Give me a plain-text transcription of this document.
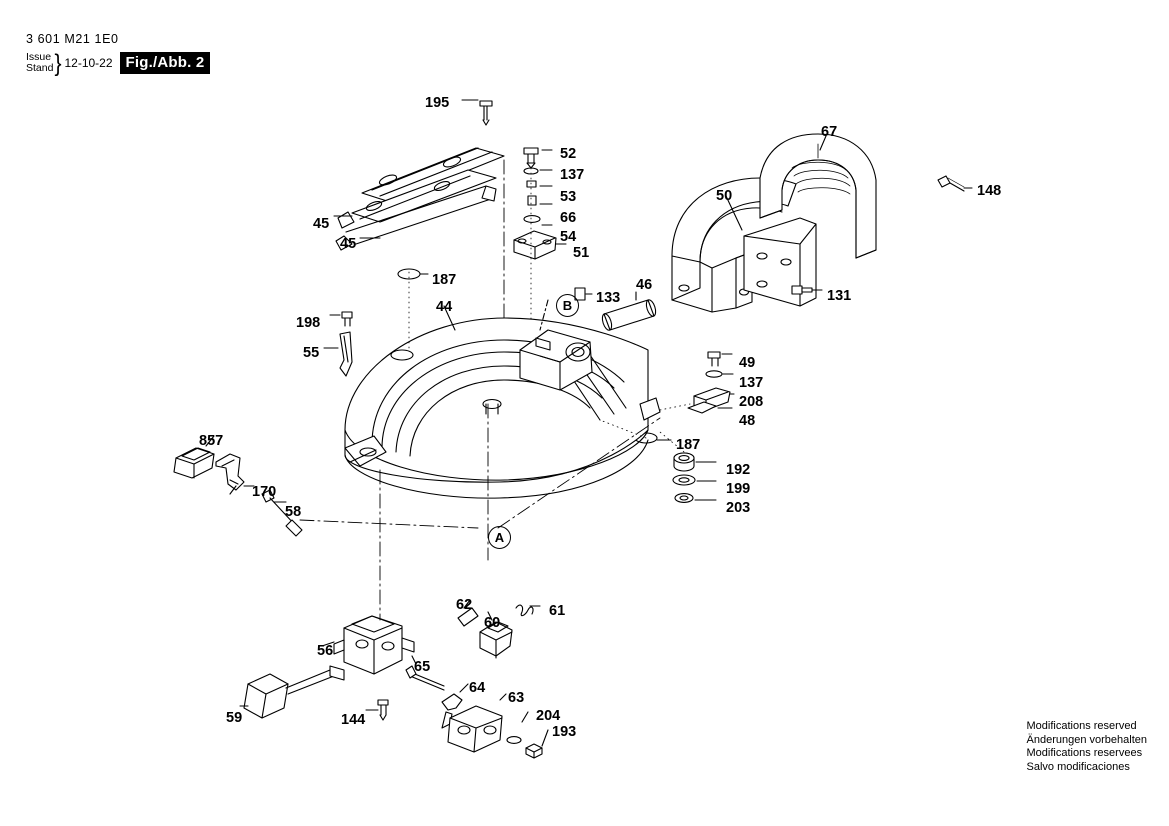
3 601 M21 1E0
Issue
Stand } 12-10-22 Fig./Abb. 2
195
52
137
53
66
54
51
45
45
187
44
133
46
50
67
148
131
198
55
49
137
208
48
187
192
199
203
857
170
58
62
60
61
56
65
59	144
64
63
204
193
A
B
Modifications reserved
Änderungen vorbehalten
Modifications reservees
Salvo modificaciones
